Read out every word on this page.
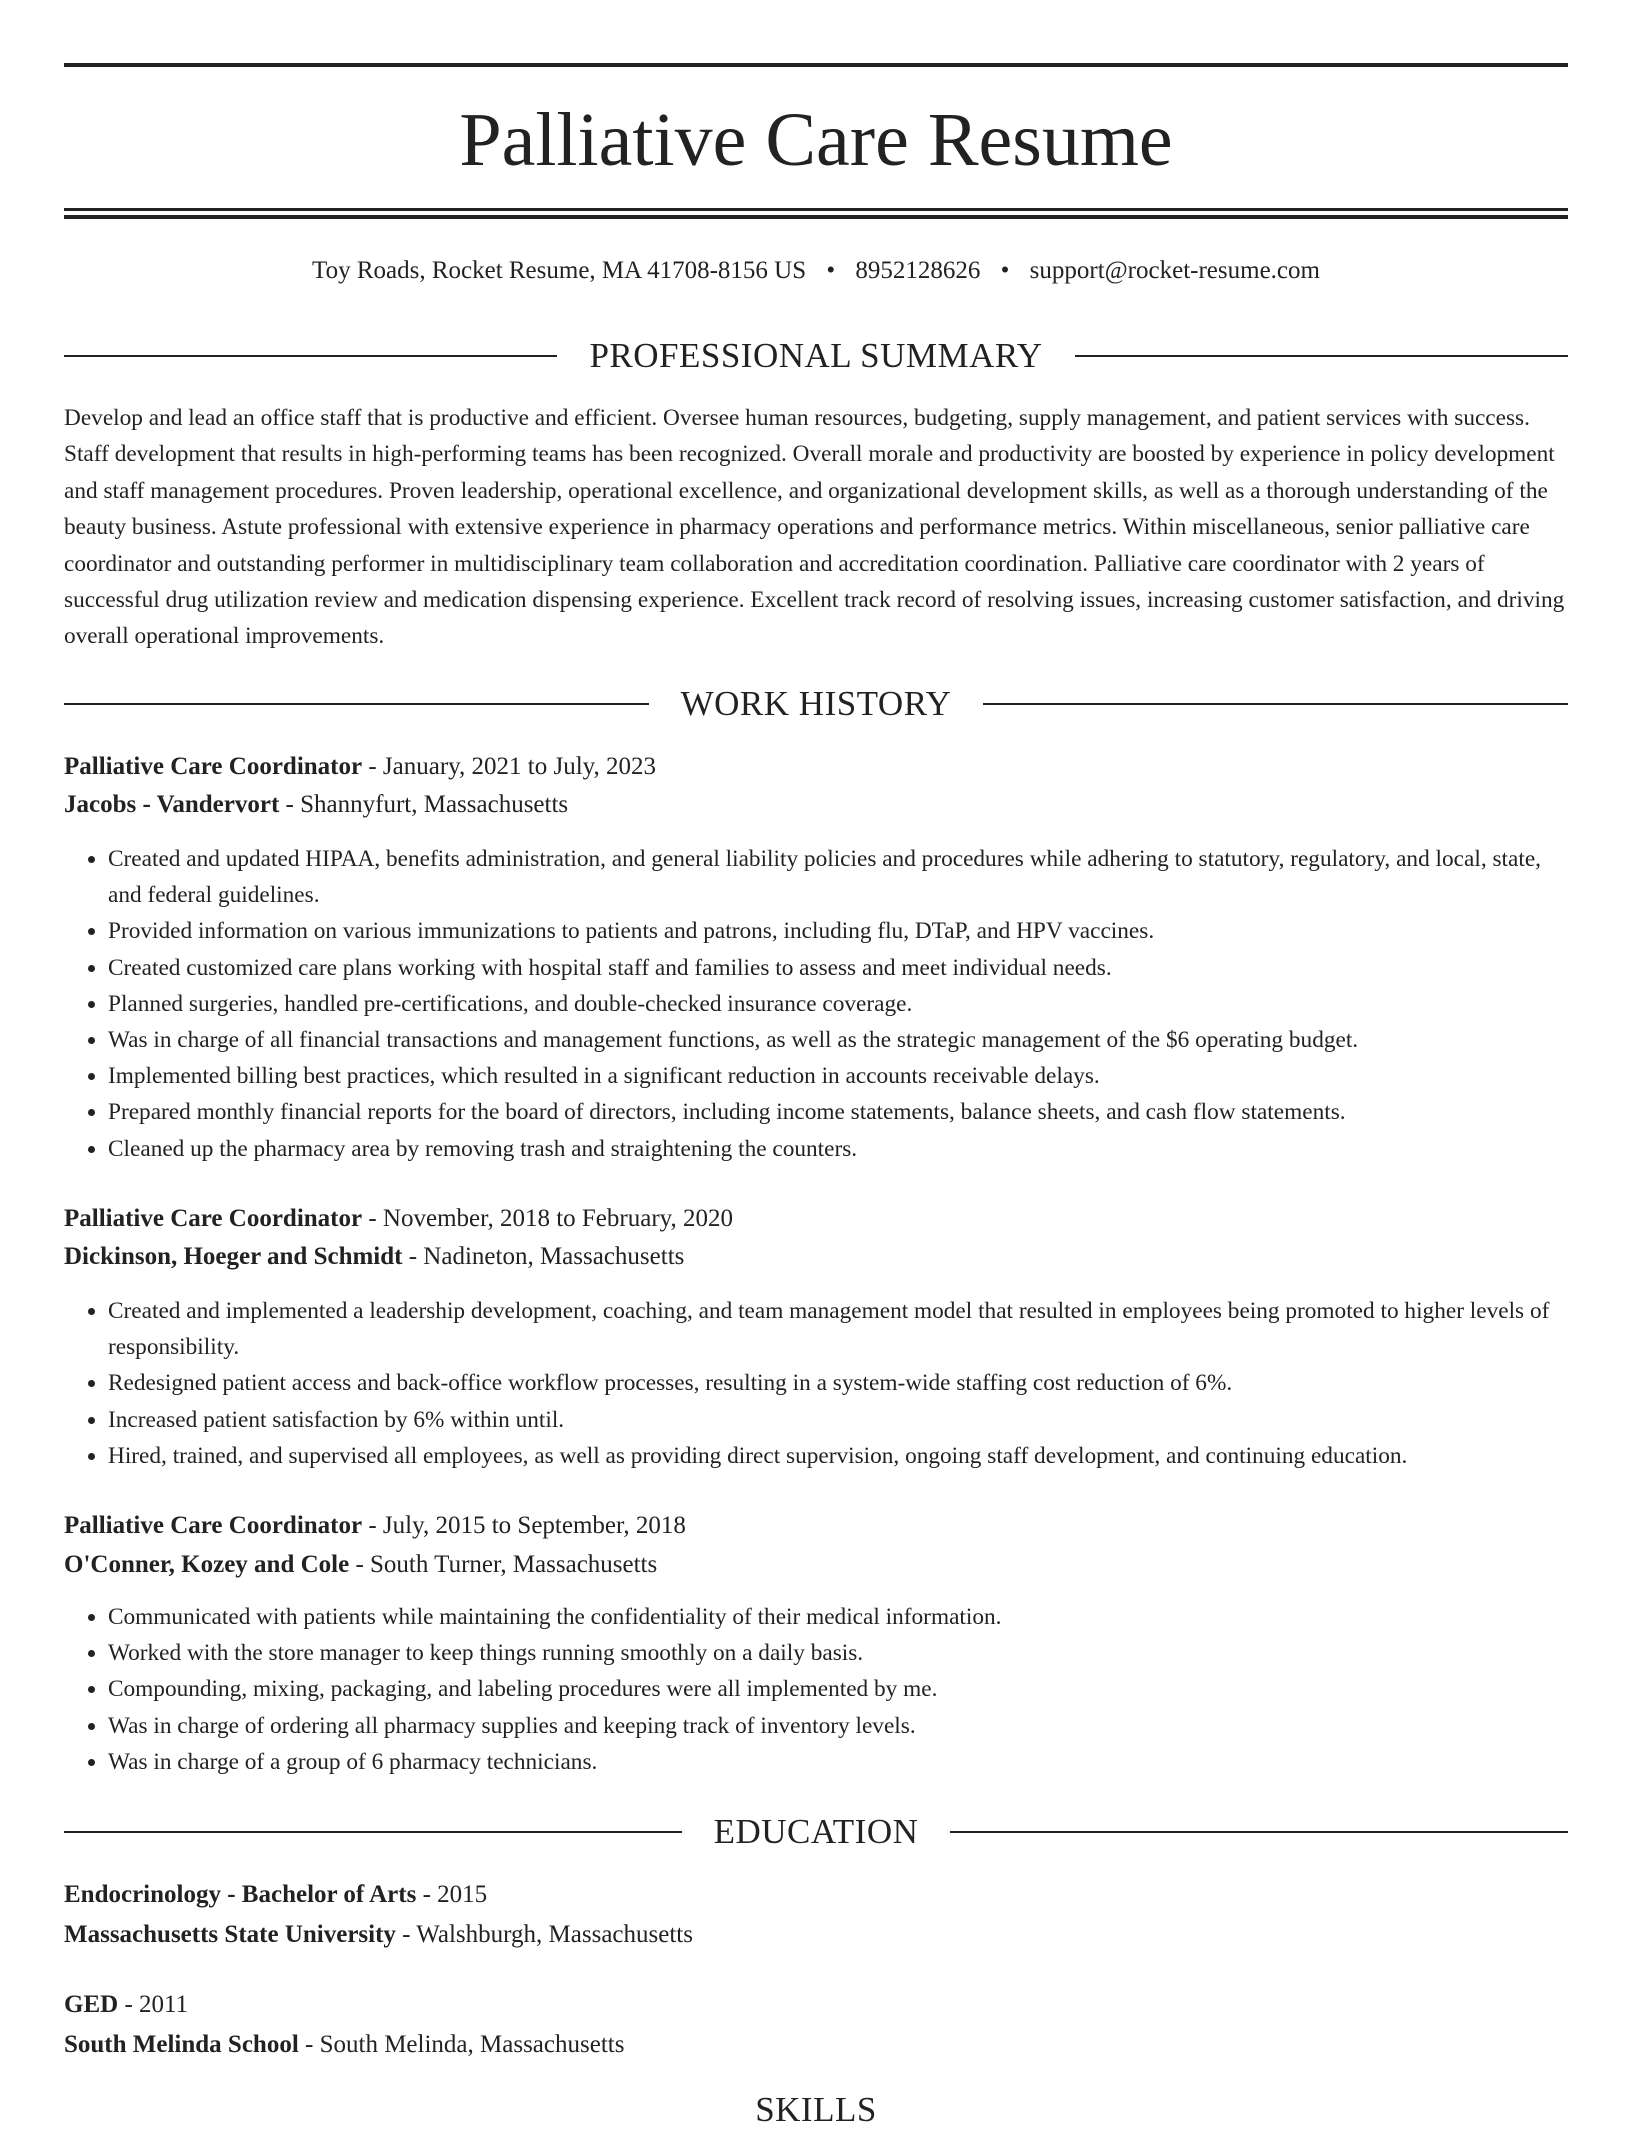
Palliative Care Resume
Toy Roads, Rocket Resume, MA 41708-8156 US • 8952128626 • support@rocket-resume.com
PROFESSIONAL SUMMARY

Develop and lead an office staff that is productive and efficient. Oversee human resources, budgeting, supply management, and patient services with success. Staff development that results in high-performing teams has been recognized. Overall morale and productivity are boosted by experience in policy development and staff management procedures. Proven leadership, operational excellence, and organizational development skills, as well as a thorough understanding of the beauty business. Astute professional with extensive experience in pharmacy operations and performance metrics. Within miscellaneous, senior palliative care coordinator and outstanding performer in multidisciplinary team collaboration and accreditation coordination. Palliative care coordinator with 2 years of successful drug utilization review and medication dispensing experience. Excellent track record of resolving issues, increasing customer satisfaction, and driving overall operational improvements.

WORK HISTORY
Palliative Care Coordinator - January, 2021 to July, 2023
Jacobs - Vandervort - Shannyfurt, Massachusetts
• Created and updated HIPAA, benefits administration, and general liability policies and procedures while adhering to statutory, regulatory, and local, state, and federal guidelines.
• Provided information on various immunizations to patients and patrons, including flu, DTaP, and HPV vaccines.
• Created customized care plans working with hospital staff and families to assess and meet individual needs.
• Planned surgeries, handled pre-certifications, and double-checked insurance coverage.
• Was in charge of all financial transactions and management functions, as well as the strategic management of the $6 operating budget.
• Implemented billing best practices, which resulted in a significant reduction in accounts receivable delays.
• Prepared monthly financial reports for the board of directors, including income statements, balance sheets, and cash flow statements.
• Cleaned up the pharmacy area by removing trash and straightening the counters.
Palliative Care Coordinator - November, 2018 to February, 2020
Dickinson, Hoeger and Schmidt - Nadineton, Massachusetts
• Created and implemented a leadership development, coaching, and team management model that resulted in employees being promoted to higher levels of responsibility.
• Redesigned patient access and back-office workflow processes, resulting in a system-wide staffing cost reduction of 6%.
• Increased patient satisfaction by 6% within until.
• Hired, trained, and supervised all employees, as well as providing direct supervision, ongoing staff development, and continuing education.
Palliative Care Coordinator - July, 2015 to September, 2018
O'Conner, Kozey and Cole - South Turner, Massachusetts
• Communicated with patients while maintaining the confidentiality of their medical information.
• Worked with the store manager to keep things running smoothly on a daily basis.
• Compounding, mixing, packaging, and labeling procedures were all implemented by me.
• Was in charge of ordering all pharmacy supplies and keeping track of inventory levels.
• Was in charge of a group of 6 pharmacy technicians.
EDUCATION
Endocrinology - Bachelor of Arts - 2015
Massachusetts State University - Walshburgh, Massachusetts
GED - 2011
South Melinda School - South Melinda, Massachusetts
SKILLS
